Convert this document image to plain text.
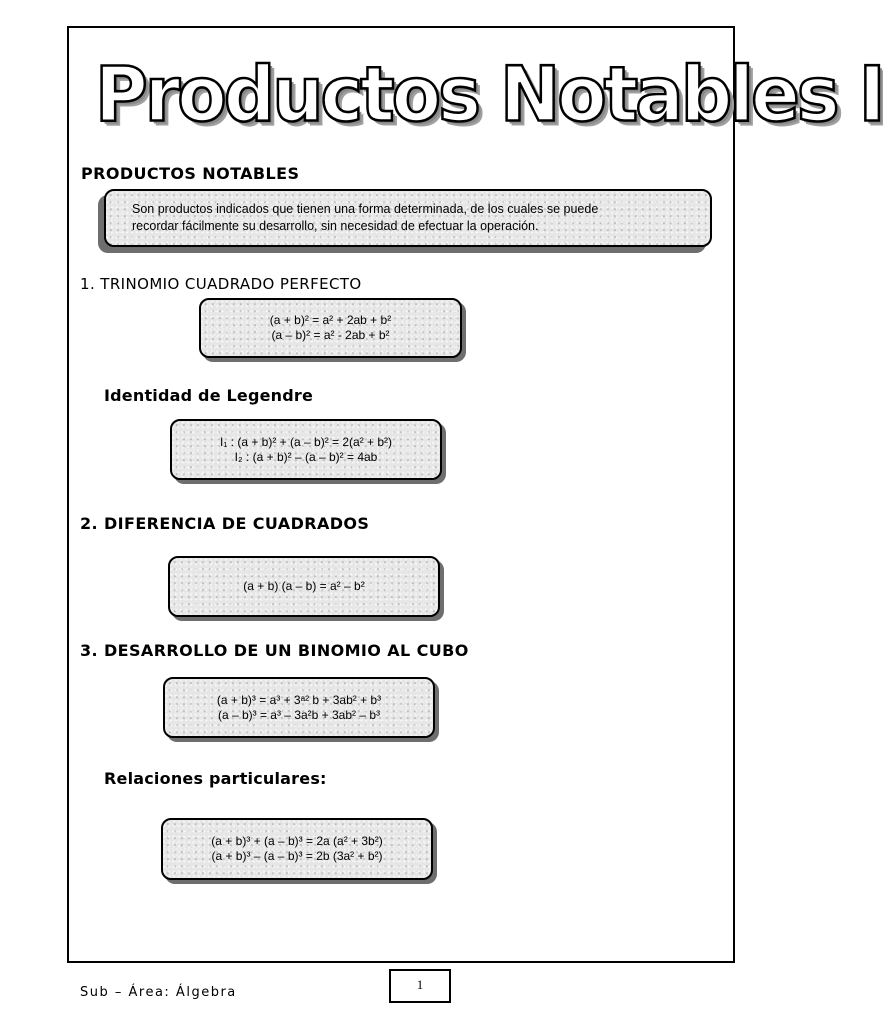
Productos Notables I
PRODUCTOS NOTABLES
Son productos indicados que tienen una forma determinada, de los cuales se puede
recordar fácilmente su desarrollo, sin necesidad de efectuar la operación.
1. TRINOMIO CUADRADO PERFECTO
(a + b)² = a² + 2ab + b²
(a – b)² = a² - 2ab + b²
Identidad de Legendre
I₁ : (a + b)² + (a – b)² = 2(a² + b²)
I₂ : (a + b)² – (a – b)² = 4ab
2. DIFERENCIA DE CUADRADOS
(a + b) (a – b) = a² – b²
3. DESARROLLO DE UN BINOMIO AL CUBO
(a + b)³ = a³ + 3ᵃ² b + 3ab² + b³
(a – b)³ = a³ – 3a²b + 3ab² – b³
Relaciones particulares:
(a + b)³ + (a – b)³ = 2a (a² + 3b²)
(a + b)³ – (a – b)³ = 2b (3a² + b²)
Sub – Área: Álgebra
1
